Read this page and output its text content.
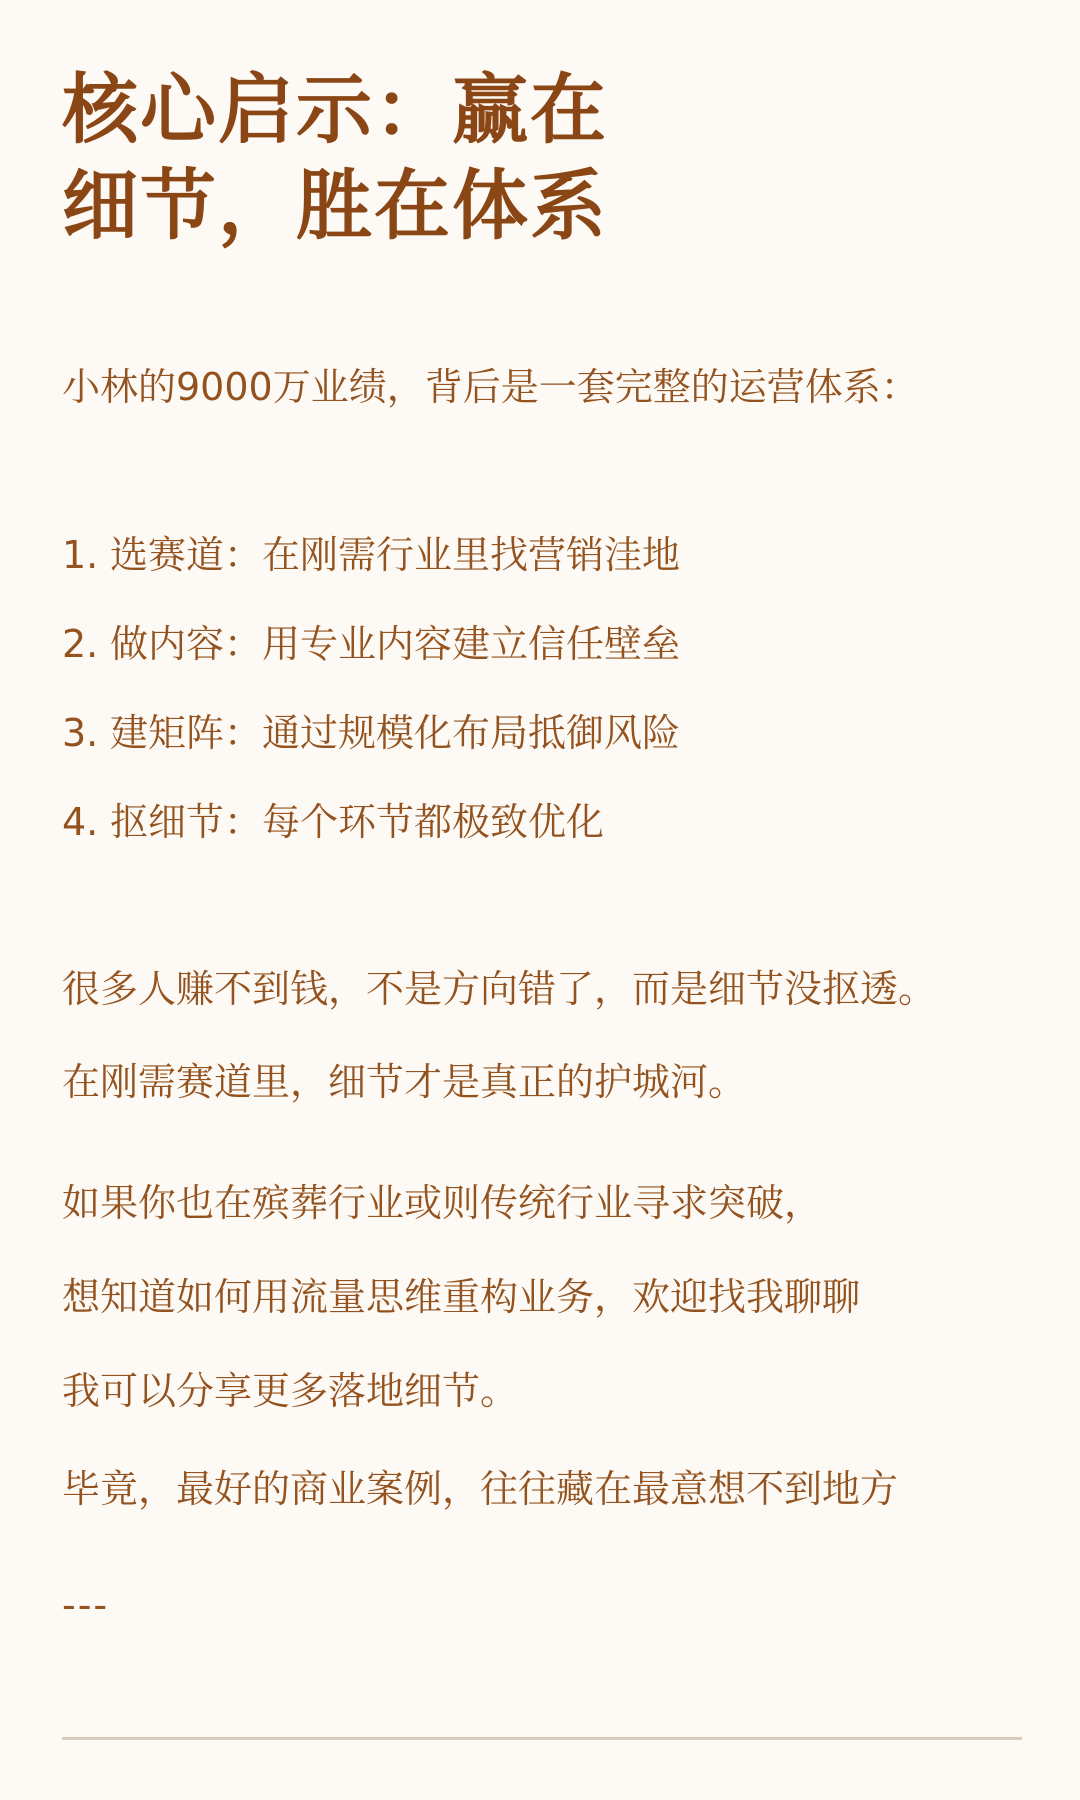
核心启示：赢在
细节，胜在体系
小林的9000万业绩，背后是一套完整的运营体系：
1. 选赛道：在刚需行业里找营销洼地
2. 做内容：用专业内容建立信任壁垒
3. 建矩阵：通过规模化布局抵御风险
4. 抠细节：每个环节都极致优化
很多人赚不到钱，不是方向错了，而是细节没抠透。
在刚需赛道里，细节才是真正的护城河。
如果你也在殡葬行业或则传统行业寻求突破，
想知道如何用流量思维重构业务，欢迎找我聊聊
我可以分享更多落地细节。
毕竟，最好的商业案例，往往藏在最意想不到地方
---
